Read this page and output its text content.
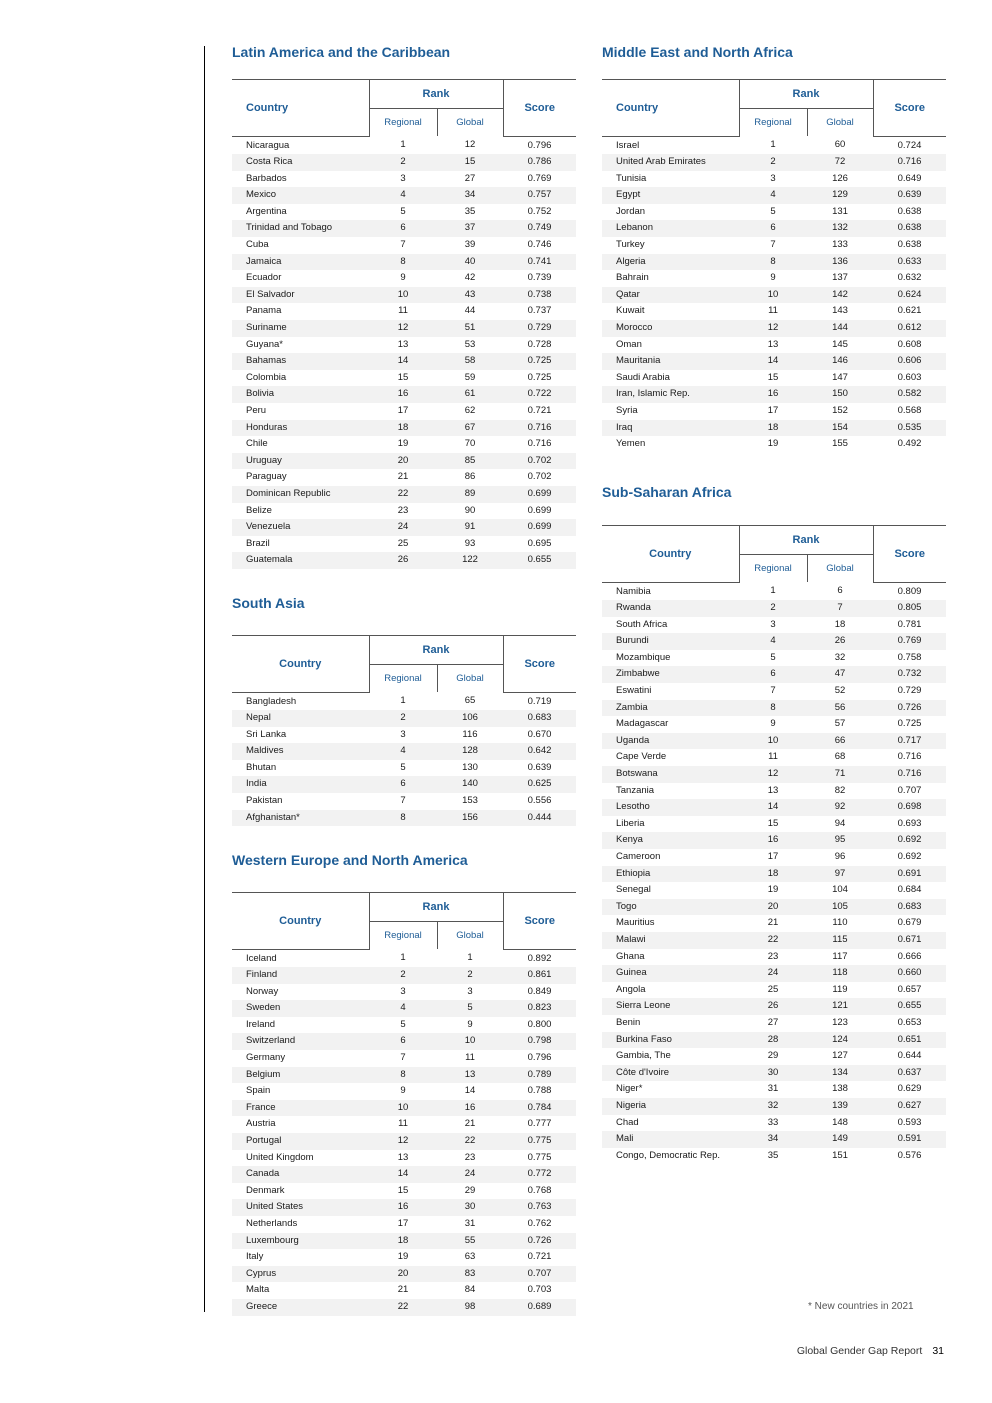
Latin America and the Caribbean
Country	Rank		Score
	Regional	Global	
Nicaragua	1	12	0.796
Costa Rica	2	15	0.786
Barbados	3	27	0.769
Mexico	4	34	0.757
Argentina	5	35	0.752
Trinidad and Tobago	6	37	0.749
Cuba	7	39	0.746
Jamaica	8	40	0.741
Ecuador	9	42	0.739
El Salvador	10	43	0.738
Panama	11	44	0.737
Suriname	12	51	0.729
Guyana*	13	53	0.728
Bahamas	14	58	0.725
Colombia	15	59	0.725
Bolivia	16	61	0.722
Peru	17	62	0.721
Honduras	18	67	0.716
Chile	19	70	0.716
Uruguay	20	85	0.702
Paraguay	21	86	0.702
Dominican Republic	22	89	0.699
Belize	23	90	0.699
Venezuela	24	91	0.699
Brazil	25	93	0.695
Guatemala	26	122	0.655
South Asia
Country	Rank		Score
	Regional	Global	
Bangladesh	1	65	0.719
Nepal	2	106	0.683
Sri Lanka	3	116	0.670
Maldives	4	128	0.642
Bhutan	5	130	0.639
India	6	140	0.625
Pakistan	7	153	0.556
Afghanistan*	8	156	0.444
Western Europe and North America
Country	Rank		Score
	Regional	Global	
Iceland	1	1	0.892
Finland	2	2	0.861
Norway	3	3	0.849
Sweden	4	5	0.823
Ireland	5	9	0.800
Switzerland	6	10	0.798
Germany	7	11	0.796
Belgium	8	13	0.789
Spain	9	14	0.788
France	10	16	0.784
Austria	11	21	0.777
Portugal	12	22	0.775
United Kingdom	13	23	0.775
Canada	14	24	0.772
Denmark	15	29	0.768
United States	16	30	0.763
Netherlands	17	31	0.762
Luxembourg	18	55	0.726
Italy	19	63	0.721
Cyprus	20	83	0.707
Malta	21	84	0.703
Greece	22	98	0.689
Middle East and North Africa
Country	Rank		Score
	Regional	Global	
Israel	1	60	0.724
United Arab Emirates	2	72	0.716
Tunisia	3	126	0.649
Egypt	4	129	0.639
Jordan	5	131	0.638
Lebanon	6	132	0.638
Turkey	7	133	0.638
Algeria	8	136	0.633
Bahrain	9	137	0.632
Qatar	10	142	0.624
Kuwait	11	143	0.621
Morocco	12	144	0.612
Oman	13	145	0.608
Mauritania	14	146	0.606
Saudi Arabia	15	147	0.603
Iran, Islamic Rep.	16	150	0.582
Syria	17	152	0.568
Iraq	18	154	0.535
Yemen	19	155	0.492
Sub-Saharan Africa
Country	Rank		Score
	Regional	Global	
Namibia	1	6	0.809
Rwanda	2	7	0.805
South Africa	3	18	0.781
Burundi	4	26	0.769
Mozambique	5	32	0.758
Zimbabwe	6	47	0.732
Eswatini	7	52	0.729
Zambia	8	56	0.726
Madagascar	9	57	0.725
Uganda	10	66	0.717
Cape Verde	11	68	0.716
Botswana	12	71	0.716
Tanzania	13	82	0.707
Lesotho	14	92	0.698
Liberia	15	94	0.693
Kenya	16	95	0.692
Cameroon	17	96	0.692
Ethiopia	18	97	0.691
Senegal	19	104	0.684
Togo	20	105	0.683
Mauritius	21	110	0.679
Malawi	22	115	0.671
Ghana	23	117	0.666
Guinea	24	118	0.660
Angola	25	119	0.657
Sierra Leone	26	121	0.655
Benin	27	123	0.653
Burkina Faso	28	124	0.651
Gambia, The	29	127	0.644
Côte d'Ivoire	30	134	0.637
Niger*	31	138	0.629
Nigeria	32	139	0.627
Chad	33	148	0.593
Mali	34	149	0.591
Congo, Democratic Rep.	35	151	0.576
* New countries in 2021
Global Gender Gap Report 31
